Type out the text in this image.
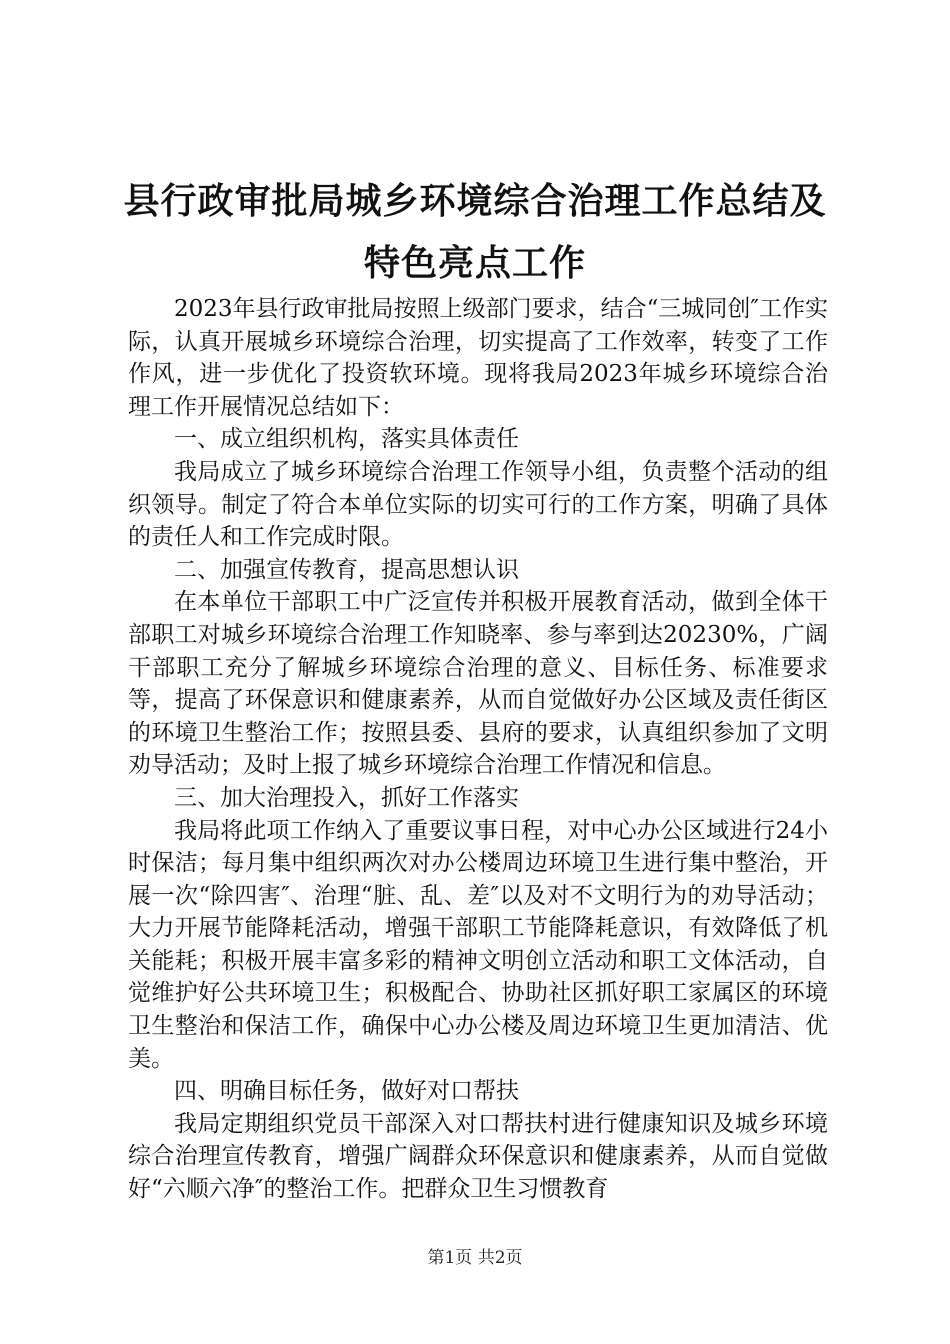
县行政审批局城乡环境综合治理工作总结及特色亮点工作

2023年县行政审批局按照上级部门要求，结合“三城同创″工作实际，认真开展城乡环境综合治理，切实提高了工作效率，转变了工作作风，进一步优化了投资软环境。现将我局2023年城乡环境综合治理工作开展情况总结如下：

一、成立组织机构，落实具体责任

我局成立了城乡环境综合治理工作领导小组，负责整个活动的组织领导。制定了符合本单位实际的切实可行的工作方案，明确了具体的责任人和工作完成时限。

二、加强宣传教育，提高思想认识

在本单位干部职工中广泛宣传并积极开展教育活动，做到全体干部职工对城乡环境综合治理工作知晓率、参与率到达20230%，广阔干部职工充分了解城乡环境综合治理的意义、目标任务、标准要求等，提高了环保意识和健康素养，从而自觉做好办公区域及责任街区的环境卫生整治工作；按照县委、县府的要求，认真组织参加了文明劝导活动；及时上报了城乡环境综合治理工作情况和信息。

三、加大治理投入，抓好工作落实

我局将此项工作纳入了重要议事日程，对中心办公区域进行24小时保洁；每月集中组织两次对办公楼周边环境卫生进行集中整治，开展一次“除四害″、治理“脏、乱、差″以及对不文明行为的劝导活动；大力开展节能降耗活动，增强干部职工节能降耗意识，有效降低了机关能耗；积极开展丰富多彩的精神文明创立活动和职工文体活动，自觉维护好公共环境卫生；积极配合、协助社区抓好职工家属区的环境卫生整治和保洁工作，确保中心办公楼及周边环境卫生更加清洁、优美。

四、明确目标任务，做好对口帮扶

我局定期组织党员干部深入对口帮扶村进行健康知识及城乡环境综合治理宣传教育，增强广阔群众环保意识和健康素养，从而自觉做好“六顺六净″的整治工作。把群众卫生习惯教育

第1页 共2页
